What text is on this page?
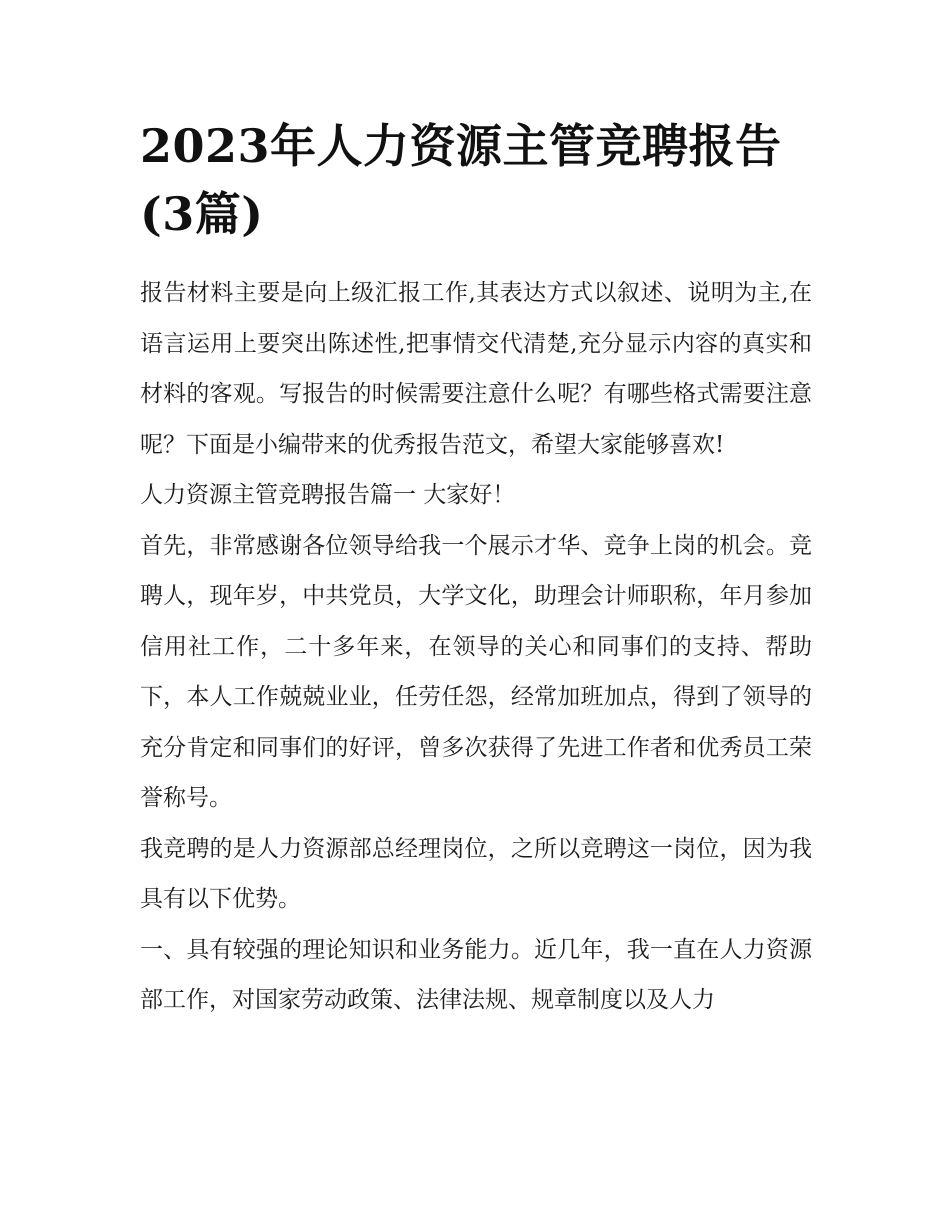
2023年人力资源主管竞聘报告(3篇)

报告材料主要是向上级汇报工作,其表达方式以叙述、说明为主,在语言运用上要突出陈述性,把事情交代清楚,充分显示内容的真实和材料的客观。写报告的时候需要注意什么呢？有哪些格式需要注意呢？下面是小编带来的优秀报告范文，希望大家能够喜欢!

人力资源主管竞聘报告篇一 大家好！

首先，非常感谢各位领导给我一个展示才华、竞争上岗的机会。竞聘人，现年岁，中共党员，大学文化，助理会计师职称，年月参加信用社工作，二十多年来，在领导的关心和同事们的支持、帮助下，本人工作兢兢业业，任劳任怨，经常加班加点，得到了领导的充分肯定和同事们的好评，曾多次获得了先进工作者和优秀员工荣誉称号。

我竞聘的是人力资源部总经理岗位，之所以竞聘这一岗位，因为我具有以下优势。

一、具有较强的理论知识和业务能力。近几年，我一直在人力资源部工作，对国家劳动政策、法律法规、规章制度以及人力
